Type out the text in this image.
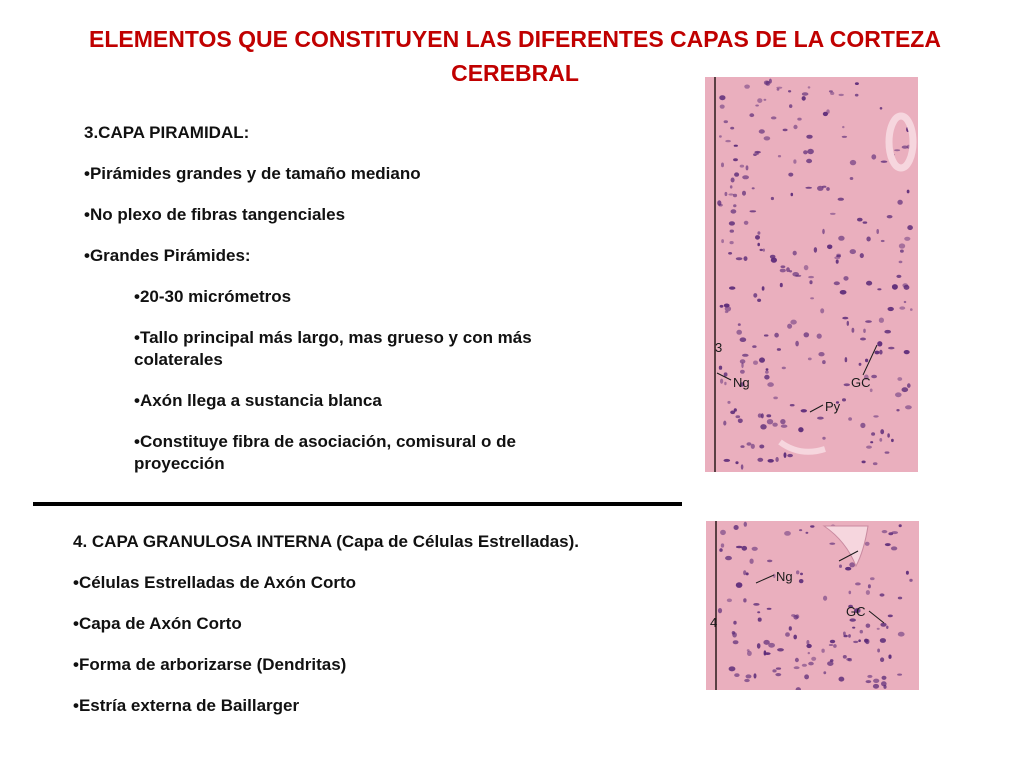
ELEMENTOS QUE CONSTITUYEN LAS DIFERENTES CAPAS DE LA CORTEZA CEREBRAL
3.CAPA PIRAMIDAL:
•Pirámides grandes y de tamaño mediano
•No plexo de fibras tangenciales
•Grandes Pirámides:
•20-30 micrómetros
•Tallo principal más largo, mas grueso y con más colaterales
•Axón llega a sustancia blanca
•Constituye fibra de asociación, comisural o de proyección
4. CAPA GRANULOSA INTERNA (Capa de Células Estrelladas).
•Células Estrelladas de Axón Corto
•Capa de Axón Corto
•Forma de arborizarse (Dendritas)
•Estría externa de Baillarger
3
Ng	GC
Py
4
Ng
GC
